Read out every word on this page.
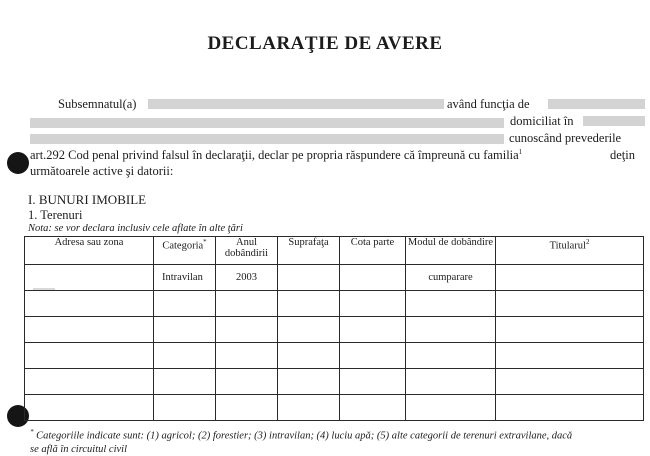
DECLARAŢIE DE AVERE
Subsemnatul(a)	având funcţia de
domiciliat în
cunoscând prevederile
art.292 Cod penal privind falsul în declaraţii, declar pe propria răspundere că împreună cu familia$^1$	deţin
următoarele active şi datorii:
I. BUNURI IMOBILE
1. Terenuri
Nota: se vor declara inclusiv cele aflate în alte ţări
Adresa sau zona	Categoria*	Anul dobândirii	Suprafaţa	Cota parte	Modul de dobândire	Titularul$^2$
	Intravilan	2003			cumparare	

* Categoriile indicate sunt: (1) agricol; (2) forestier; (3) intravilan; (4) luciu apă; (5) alte categorii de terenuri extravilane, dacă
se află în circuitul civil
